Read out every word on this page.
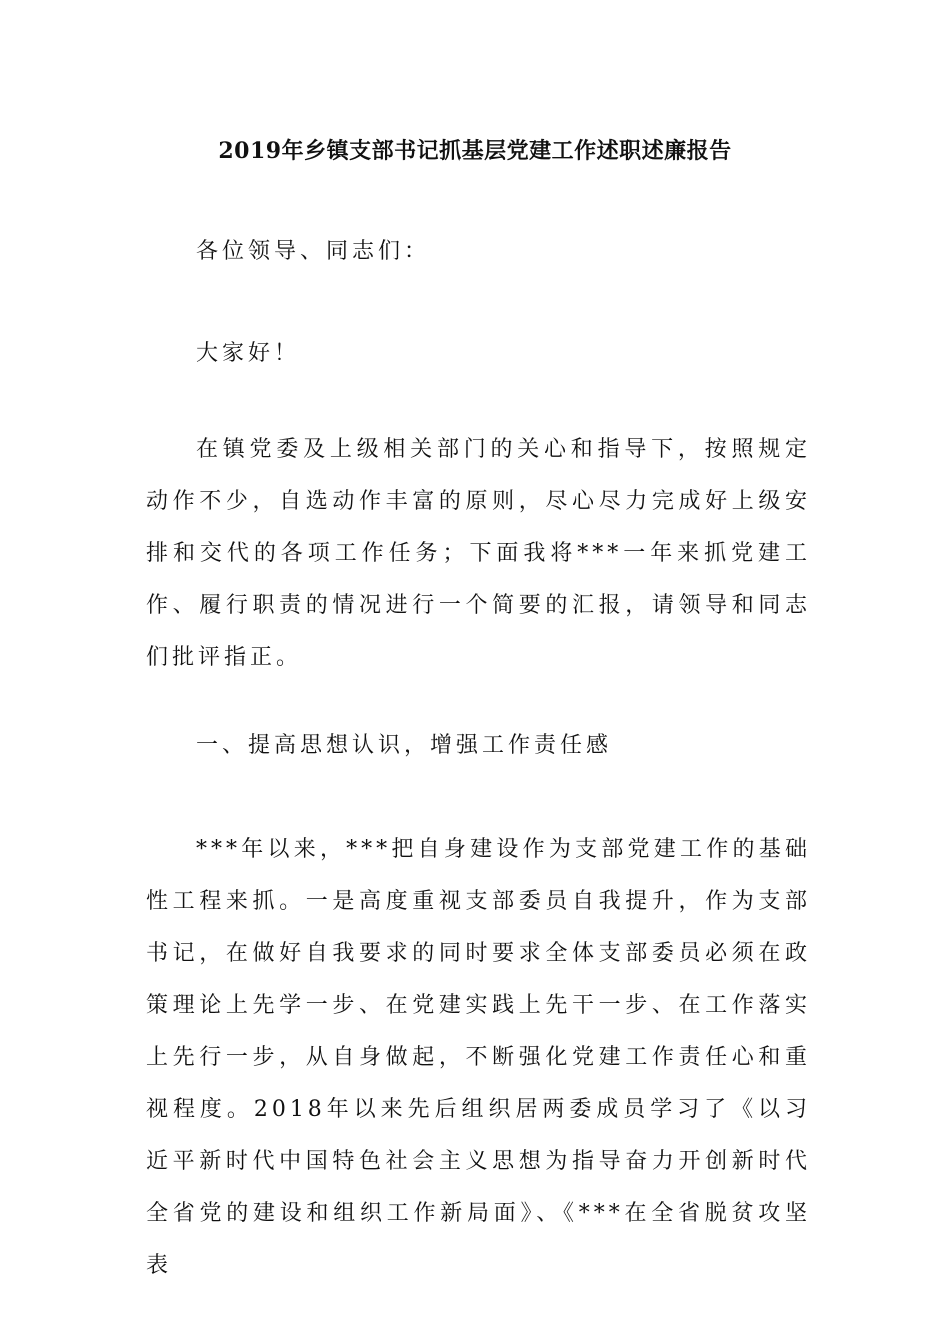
2019年乡镇支部书记抓基层党建工作述职述廉报告

各位领导、同志们：

大家好！

在镇党委及上级相关部门的关心和指导下，按照规定动作不少，自选动作丰富的原则，尽心尽力完成好上级安排和交代的各项工作任务；下面我将***一年来抓党建工作、履行职责的情况进行一个简要的汇报，请领导和同志们批评指正。

一、提高思想认识，增强工作责任感

***年以来，***把自身建设作为支部党建工作的基础性工程来抓。一是高度重视支部委员自我提升，作为支部书记，在做好自我要求的同时要求全体支部委员必须在政策理论上先学一步、在党建实践上先干一步、在工作落实上先行一步，从自身做起，不断强化党建工作责任心和重视程度。2018年以来先后组织居两委成员学习了《以习近平新时代中国特色社会主义思想为指导奋力开创新时代全省党的建设和组织工作新局面》、《***在全省脱贫攻坚表
